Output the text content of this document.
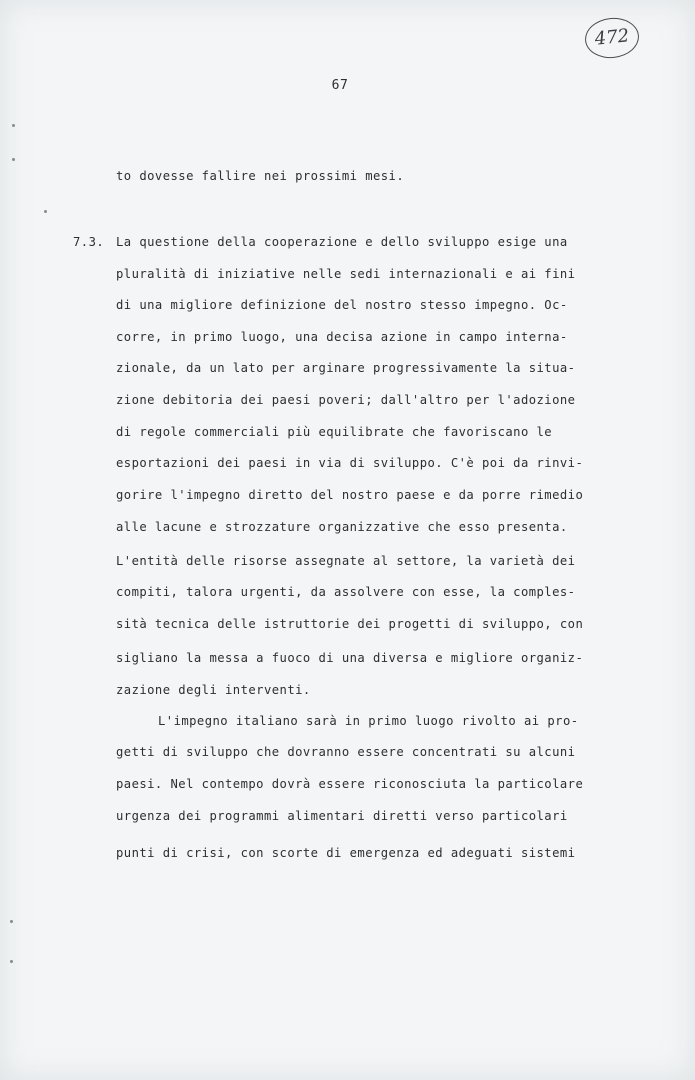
472
67
to dovesse fallire nei prossimi mesi.
7.3. La questione della cooperazione e dello sviluppo esige una
pluralità di iniziative nelle sedi internazionali e ai fini
di una migliore definizione del nostro stesso impegno. Oc-
corre, in primo luogo, una decisa azione in campo interna-
zionale, da un lato per arginare progressivamente la situa-
zione debitoria dei paesi poveri; dall'altro per l'adozione
di regole commerciali più equilibrate che favoriscano le
esportazioni dei paesi in via di sviluppo. C'è poi da rinvi-
gorire l'impegno diretto del nostro paese e da porre rimedio
alle lacune e strozzature organizzative che esso presenta.
L'entità delle risorse assegnate al settore, la varietà dei
compiti, talora urgenti, da assolvere con esse, la comples-
sità tecnica delle istruttorie dei progetti di sviluppo, con
sigliano la messa a fuoco di una diversa e migliore organiz-
zazione degli interventi.
L'impegno italiano sarà in primo luogo rivolto ai pro-
getti di sviluppo che dovranno essere concentrati su alcuni
paesi. Nel contempo dovrà essere riconosciuta la particolare
urgenza dei programmi alimentari diretti verso particolari
punti di crisi, con scorte di emergenza ed adeguati sistemi
